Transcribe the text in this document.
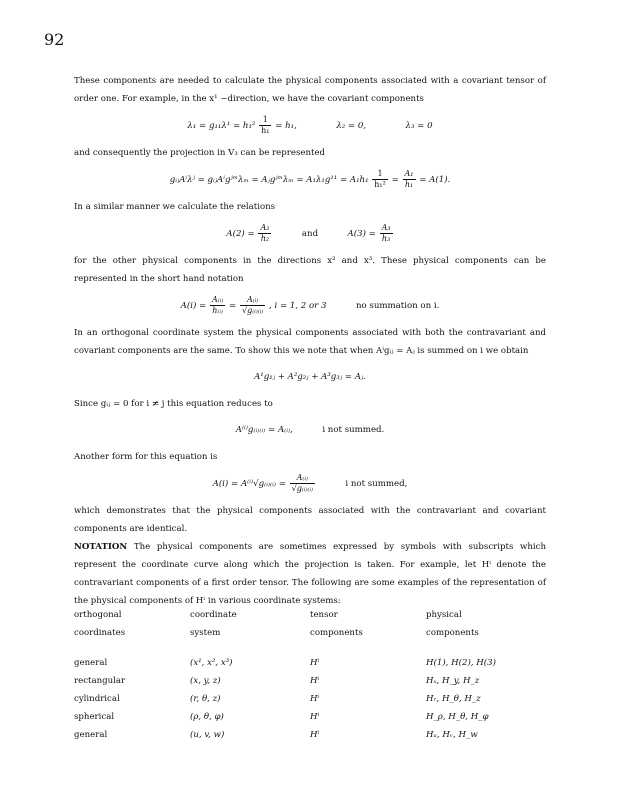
92

These components are needed to calculate the physical components associated with a covariant tensor of order one. For example, in the x¹ −direction, we have the covariant components

$\lambda_1 = g_{11}\lambda^1 = h_1^2 \frac{1}{\text{h₁}} = h_1$,	λ₂ = 0,	λ₃ = 0

and consequently the projection in V₃ can be represented

gᵢⱼAⁱλʲ = gᵢⱼAⁱgʲᵐλₘ = Aⱼgʲᵐλₘ = $A_1\lambda_1g^{11} = A_1h_1 \frac{1}{\text{h₁²}} = \frac{\text{A₁}}{\text{h₁}} = A(1)$.

In a similar manner we calculate the relations

$A(2) = \frac{\text{A₂}}{\text{h₂}}$	and	$A(3) = \frac{\text{A₃}}{\text{h₃}}$

for the other physical components in the directions x² and x³. These physical components can be represented in the short hand notation

$A(i) = \frac{\text{A₍ᵢ₎}}{\text{h₍ᵢ₎}} = \frac{\text{A₍ᵢ₎}}{\text{√g₍ᵢ₎₍ᵢ₎}}$ , i = 1, 2 or 3	no summation on i.

In an orthogonal coordinate system the physical components associated with both the contravariant and covariant components are the same. To show this we note that when Aⁱgᵢⱼ = Aⱼ is summed on i we obtain

A¹g₁ⱼ + A²g₂ⱼ + A³g₃ⱼ = Aⱼ.

Since gᵢⱼ = 0 for i ≠ j this equation reduces to

A⁽ⁱ⁾g₍ᵢ₎₍ᵢ₎ = A₍ᵢ₎,	i not summed.

Another form for this equation is

A(i) = A⁽ⁱ⁾√g₍ᵢ₎₍ᵢ₎ = $\frac{\text{A₍ᵢ₎}}{\text{√g₍ᵢ₎₍ᵢ₎}}$	i not summed,

which demonstrates that the physical components associated with the contravariant and covariant components are identical.

NOTATION The physical components are sometimes expressed by symbols with subscripts which represent the coordinate curve along which the projection is taken. For example, let Hⁱ denote the contravariant components of a first order tensor. The following are some examples of the representation of the physical components of Hⁱ in various coordinate systems:

orthogonal	coordinate	tensor	physical
coordinates	system	components	components

general	(x¹, x², x³)	Hⁱ	H(1), H(2), H(3)
rectangular	(x, y, z)	Hⁱ	Hₓ, H_y, H_z
cylindrical	(r, θ, z)	Hⁱ	Hᵣ, H_θ, H_z
spherical	(ρ, θ, φ)	Hⁱ	H_ρ, H_θ, H_φ
general	(u, v, w)	Hⁱ	Hᵤ, Hᵥ, H_w
